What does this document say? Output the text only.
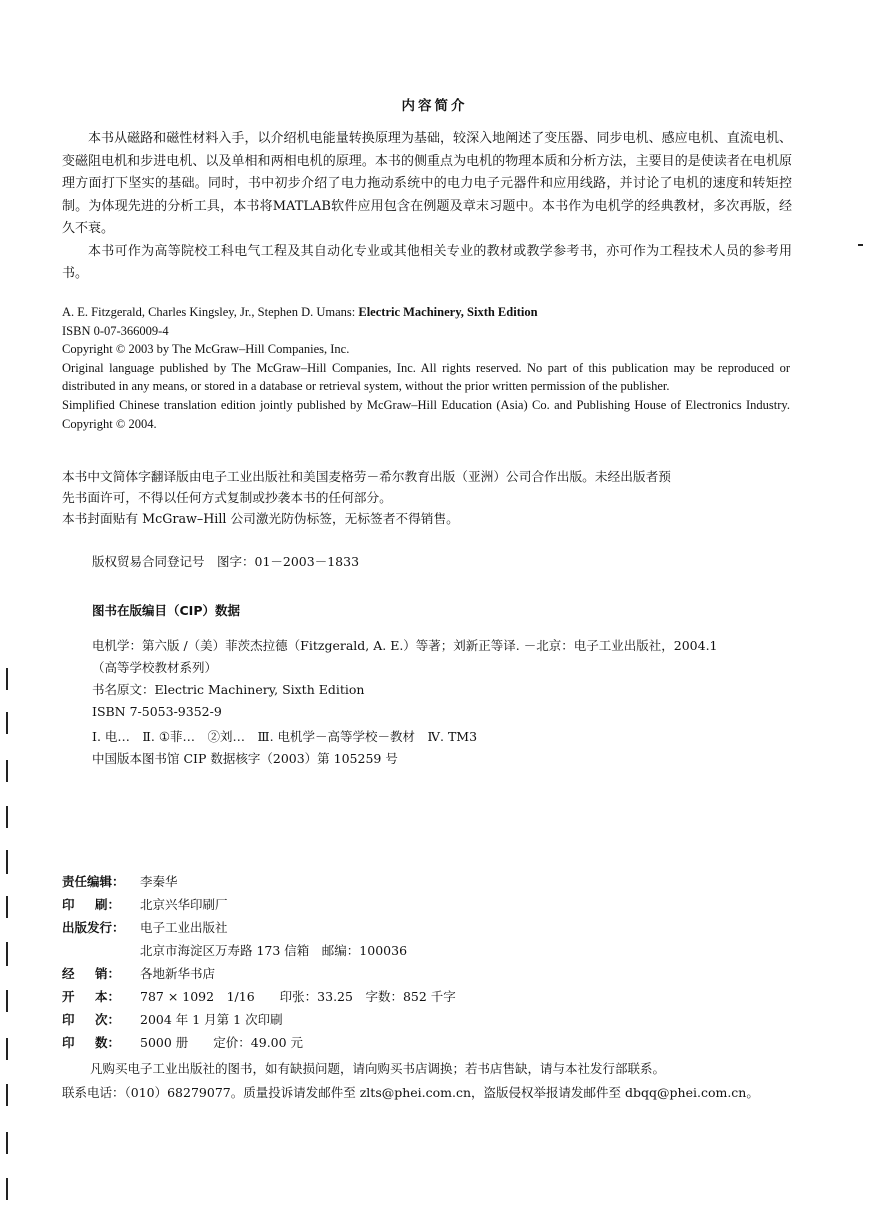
内容简介

本书从磁路和磁性材料入手，以介绍机电能量转换原理为基础，较深入地阐述了变压器、同步电机、感应电机、直流电机、变磁阻电机和步进电机、以及单相和两相电机的原理。本书的侧重点为电机的物理本质和分析方法，主要目的是使读者在电机原理方面打下坚实的基础。同时，书中初步介绍了电力拖动系统中的电力电子元器件和应用线路，并讨论了电机的速度和转矩控制。为体现先进的分析工具，本书将MATLAB软件应用包含在例题及章末习题中。本书作为电机学的经典教材，多次再版，经久不衰。

本书可作为高等院校工科电气工程及其自动化专业或其他相关专业的教材或教学参考书，亦可作为工程技术人员的参考用书。

A. E. Fitzgerald, Charles Kingsley, Jr., Stephen D. Umans: Electric Machinery, Sixth Edition
ISBN 0-07-366009-4
Copyright © 2003 by The McGraw–Hill Companies, Inc.
Original language published by The McGraw–Hill Companies, Inc. All rights reserved. No part of this publication may be reproduced or distributed in any means, or stored in a database or retrieval system, without the prior written permission of the publisher.
Simplified Chinese translation edition jointly published by McGraw–Hill Education (Asia) Co. and Publishing House of Electronics Industry. Copyright © 2004.
本书中文简体字翻译版由电子工业出版社和美国麦格劳－希尔教育出版（亚洲）公司合作出版。未经出版者预
先书面许可，不得以任何方式复制或抄袭本书的任何部分。
本书封面贴有 McGraw–Hill 公司激光防伪标签，无标签者不得销售。
版权贸易合同登记号　图字：01－2003－1833
图书在版编目（CIP）数据
电机学：第六版 /（美）菲茨杰拉德（Fitzgerald, A. E.）等著；刘新正等译. －北京：电子工业出版社，2004.1
（高等学校教材系列）
书名原文：Electric Machinery, Sixth Edition
ISBN 7-5053-9352-9
Ⅰ. 电…　Ⅱ. ①菲…　②刘…　Ⅲ. 电机学－高等学校－教材　Ⅳ. TM3
中国版本图书馆 CIP 数据核字（2003）第 105259 号
责任编辑：	李秦华
印 刷： 北京兴华印刷厂
出版发行：	电子工业出版社
北京市海淀区万寿路 173 信箱　邮编：100036
经 销： 各地新华书店
开 本： 787 × 1092　1/16　　印张：33.25　字数：852 千字
印 次： 2004 年 1 月第 1 次印刷
印 数： 5000 册　　定价：49.00 元
凡购买电子工业出版社的图书，如有缺损问题，请向购买书店调换；若书店售缺，请与本社发行部联系。
联系电话：（010）68279077。质量投诉请发邮件至 zlts@phei.com.cn，盗版侵权举报请发邮件至 dbqq@phei.com.cn。
